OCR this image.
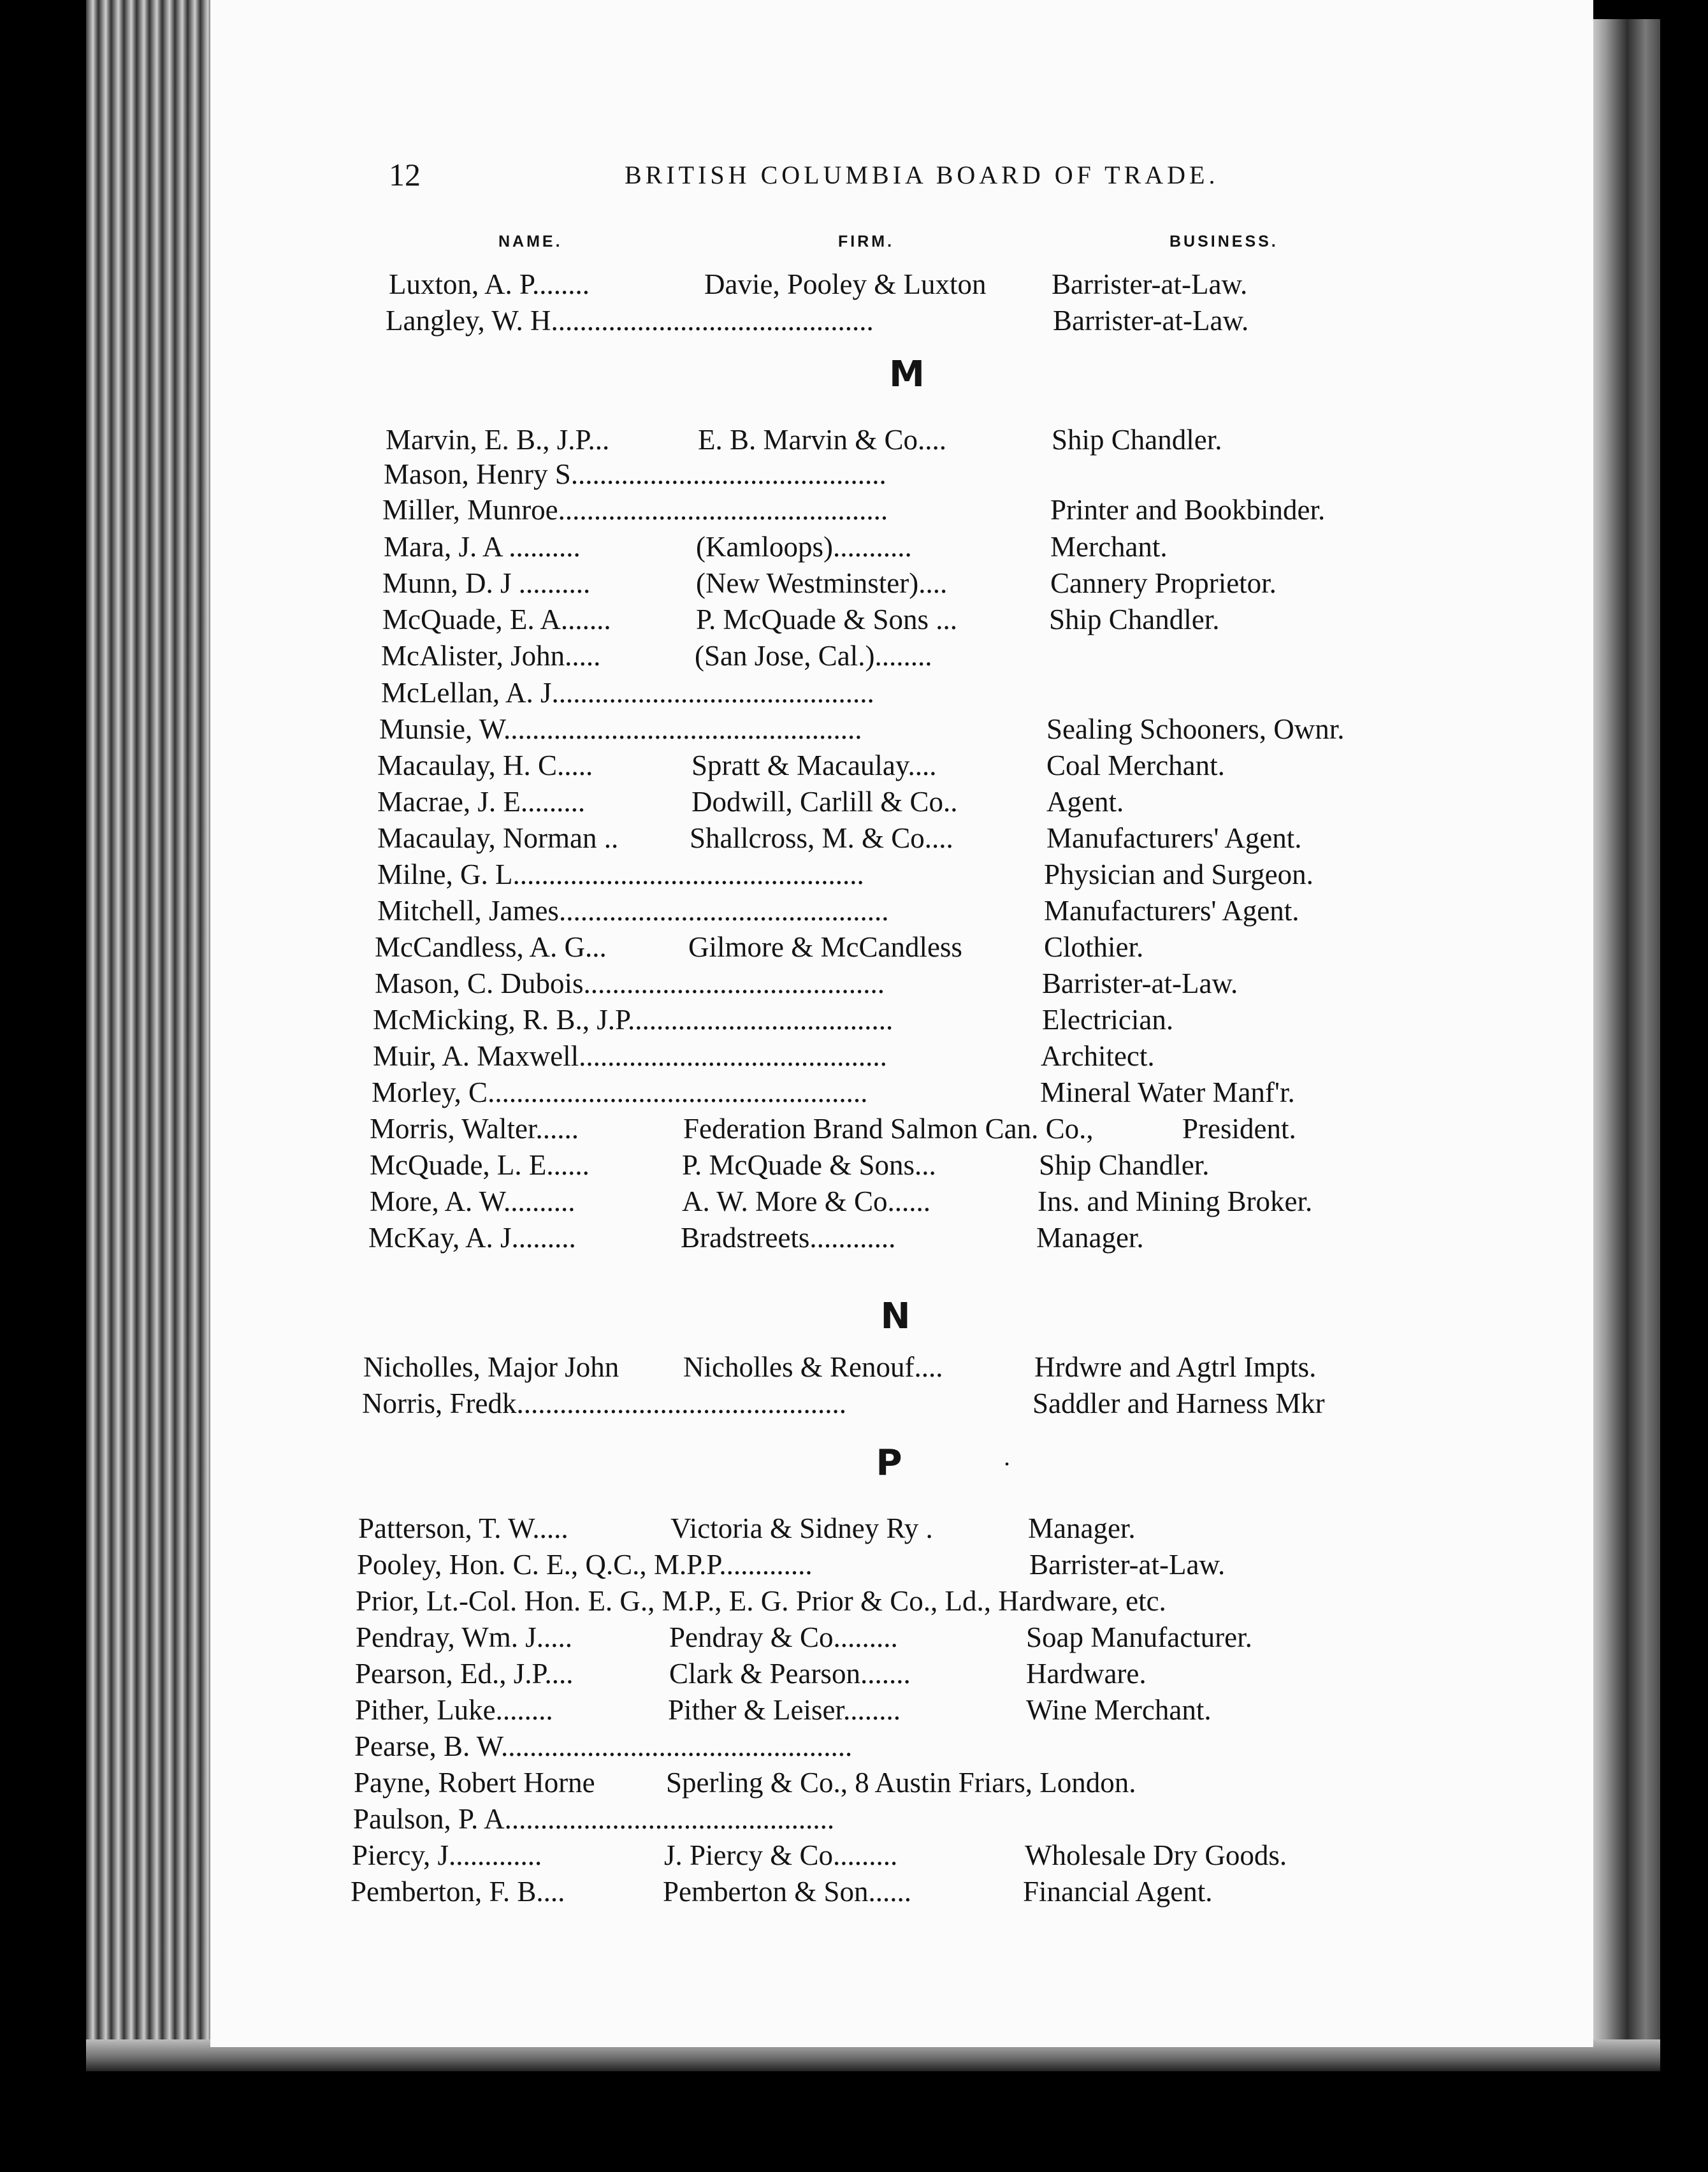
12	BRITISH COLUMBIA BOARD OF TRADE.
NAME.	FIRM.	BUSINESS.
Luxton, A. P........	Davie, Pooley & Luxton Barrister-at-Law.
Langley, W. H.............................................	Barrister-at-Law.
M
Marvin, E. B., J.P...	E. B. Marvin & Co....	Ship Chandler.
Mason, Henry S............................................
Miller, Munroe..............................................	Printer and Bookbinder.
Mara, J. A ..........	(Kamloops)...........	Merchant.
Munn, D. J ..........	(New Westminster)....	Cannery Proprietor.
McQuade, E. A.......	P. McQuade & Sons ...	Ship Chandler.
McAlister, John.....	(San Jose, Cal.)........
McLellan, A. J.............................................
Munsie, W..................................................	Sealing Schooners, Ownr.
Macaulay, H. C.....	Spratt & Macaulay....	Coal Merchant.
Macrae, J. E.........	Dodwill, Carlill & Co..	Agent.
Macaulay, Norman .. Shallcross, M. & Co....	Manufacturers' Agent.
Milne, G. L.................................................	Physician and Surgeon.
Mitchell, James..............................................	Manufacturers' Agent.
McCandless, A. G...	Gilmore & McCandless	Clothier.
Mason, C. Dubois..........................................	Barrister-at-Law.
McMicking, R. B., J.P.....................................	Electrician.
Muir, A. Maxwell...........................................	Architect.
Morley, C.....................................................	Mineral Water Manf'r.
Morris, Walter......	Federation Brand Salmon Can. Co.,	President.
McQuade, L. E......	P. McQuade & Sons...	Ship Chandler.
More, A. W..........	A. W. More & Co......	Ins. and Mining Broker.
McKay, A. J.........	Bradstreets............	Manager.
N
Nicholles, Major John Nicholles & Renouf....	Hrdwre and Agtrl Impts.
Norris, Fredk..............................................	Saddler and Harness Mkr
P
Patterson, T. W.....	Victoria & Sidney Ry .	Manager.
Pooley, Hon. C. E., Q.C., M.P.P.............	Barrister-at-Law.
Prior, Lt.-Col. Hon. E. G., M.P., E. G. Prior & Co., Ld., Hardware, etc.
Pendray, Wm. J.....	Pendray & Co.........	Soap Manufacturer.
Pearson, Ed., J.P....	Clark & Pearson.......	Hardware.
Pither, Luke........	Pither & Leiser........	Wine Merchant.
Pearse, B. W.................................................
Payne, Robert Horne Sperling & Co., 8 Austin Friars, London.
Paulson, P. A..............................................
Piercy, J.............	J. Piercy & Co.........	Wholesale Dry Goods.
Pemberton, F. B....	Pemberton & Son......	Financial Agent.
.
